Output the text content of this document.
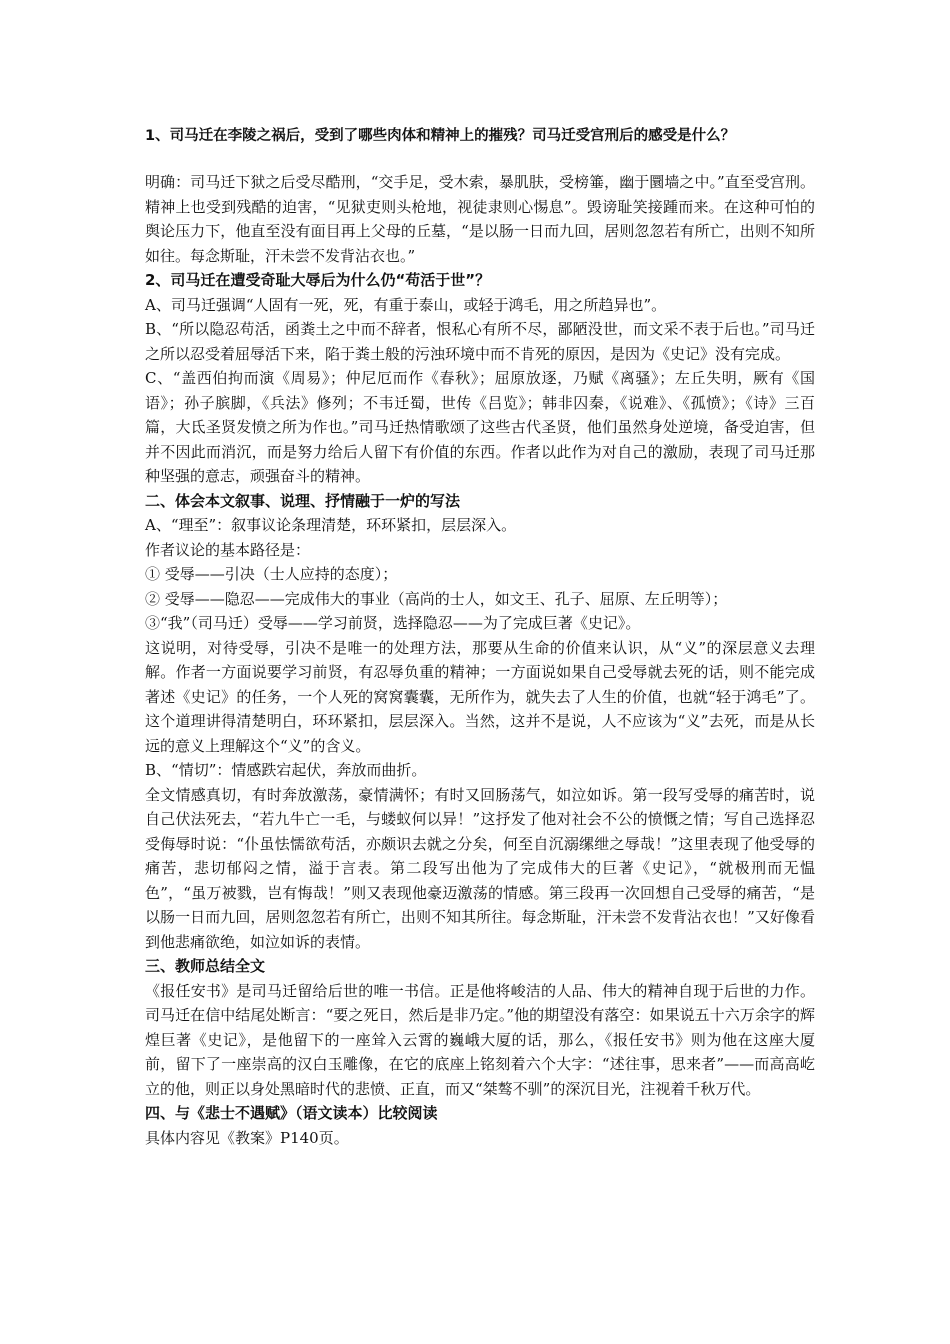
1、司马迁在李陵之祸后，受到了哪些肉体和精神上的摧残？司马迁受宫刑后的感受是什么？
明确：司马迁下狱之后受尽酷刑，“交手足，受木索，暴肌肤，受榜箠，幽于圜墙之中。”直至受宫刑。精神上也受到残酷的迫害，“见狱吏则头枪地，视徒隶则心惕息”。毁谤耻笑接踵而来。在这种可怕的舆论压力下，他直至没有面目再上父母的丘墓，“是以肠一日而九回，居则忽忽若有所亡，出则不知所如往。每念斯耻，汗未尝不发背沾衣也。”
2、司马迁在遭受奇耻大辱后为什么仍“苟活于世”？
A、司马迁强调“人固有一死，死，有重于泰山，或轻于鸿毛，用之所趋异也”。
B、“所以隐忍苟活，函粪土之中而不辞者，恨私心有所不尽，鄙陋没世，而文采不表于后也。”司马迁之所以忍受着屈辱活下来，陷于粪土般的污浊环境中而不肯死的原因，是因为《史记》没有完成。
C、“盖西伯拘而演《周易》；仲尼厄而作《春秋》；屈原放逐，乃赋《离骚》；左丘失明，厥有《国语》；孙子膑脚，《兵法》修列；不韦迁蜀，世传《吕览》；韩非囚秦，《说难》、《孤愤》；《诗》三百篇，大氐圣贤发愤之所为作也。”司马迁热情歌颂了这些古代圣贤，他们虽然身处逆境，备受迫害，但并不因此而消沉，而是努力给后人留下有价值的东西。作者以此作为对自己的激励，表现了司马迁那种坚强的意志，顽强奋斗的精神。
二、体会本文叙事、说理、抒情融于一炉的写法
A、“理至”：叙事议论条理清楚，环环紧扣，层层深入。
作者议论的基本路径是：
① 受辱——引决（士人应持的态度）；
② 受辱——隐忍——完成伟大的事业（高尚的士人，如文王、孔子、屈原、左丘明等）；
③“我”（司马迁）受辱——学习前贤，选择隐忍——为了完成巨著《史记》。
这说明，对待受辱，引决不是唯一的处理方法，那要从生命的价值来认识，从“义”的深层意义去理解。作者一方面说要学习前贤，有忍辱负重的精神；一方面说如果自己受辱就去死的话，则不能完成著述《史记》的任务，一个人死的窝窝囊囊，无所作为，就失去了人生的价值，也就“轻于鸿毛”了。这个道理讲得清楚明白，环环紧扣，层层深入。当然，这并不是说，人不应该为“义”去死，而是从长远的意义上理解这个“义”的含义。
B、“情切”：情感跌宕起伏，奔放而曲折。
全文情感真切，有时奔放激荡，豪情满怀；有时又回肠荡气，如泣如诉。第一段写受辱的痛苦时，说自己伏法死去，“若九牛亡一毛，与蝼蚁何以异！”这抒发了他对社会不公的愤慨之情；写自己选择忍受侮辱时说：“仆虽怯懦欲苟活，亦颇识去就之分矣，何至自沉溺缧绁之辱哉！”这里表现了他受辱的痛苦，悲切郁闷之情，溢于言表。第二段写出他为了完成伟大的巨著《史记》，“就极刑而无愠色”，“虽万被戮，岂有悔哉！”则又表现他豪迈激荡的情感。第三段再一次回想自己受辱的痛苦，“是以肠一日而九回，居则忽忽若有所亡，出则不知其所往。每念斯耻，汗未尝不发背沾衣也！”又好像看到他悲痛欲绝，如泣如诉的表情。
三、教师总结全文
《报任安书》是司马迁留给后世的唯一书信。正是他将峻洁的人品、伟大的精神自现于后世的力作。司马迁在信中结尾处断言：“要之死日，然后是非乃定。”他的期望没有落空：如果说五十六万余字的辉煌巨著《史记》，是他留下的一座耸入云霄的巍峨大厦的话，那么，《报任安书》则为他在这座大厦前，留下了一座崇高的汉白玉雕像，在它的底座上铭刻着六个大字：“述往事，思来者”——而高高屹立的他，则正以身处黑暗时代的悲愤、正直，而又“桀骜不驯”的深沉目光，注视着千秋万代。
四、与《悲士不遇赋》（语文读本）比较阅读
具体内容见《教案》P140页。
